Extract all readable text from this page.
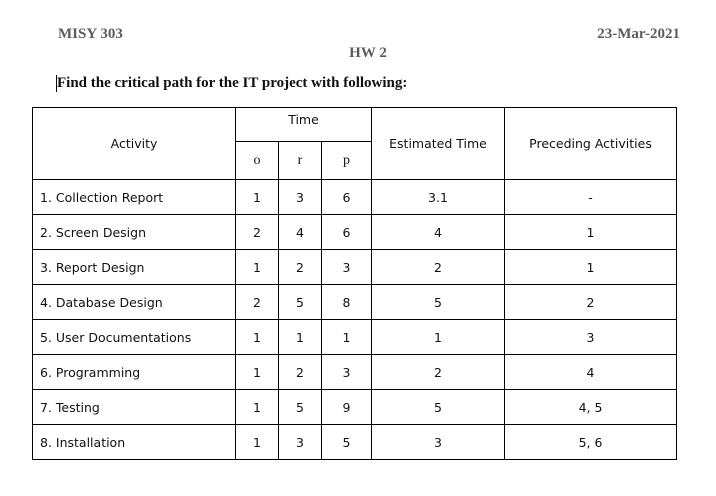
MISY 303	23-Mar-2021
HW 2
Find the critical path for the IT project with following:
Activity	Time			Estimated Time	Preceding Activities
	o	r	p		
1. Collection Report	1	3	6	3.1	-
2. Screen Design	2	4	6	4	1
3. Report Design	1	2	3	2	1
4. Database Design	2	5	8	5	2
5. User Documentations	1	1	1	1	3
6. Programming	1	2	3	2	4
7. Testing	1	5	9	5	4, 5
8. Installation	1	3	5	3	5, 6
